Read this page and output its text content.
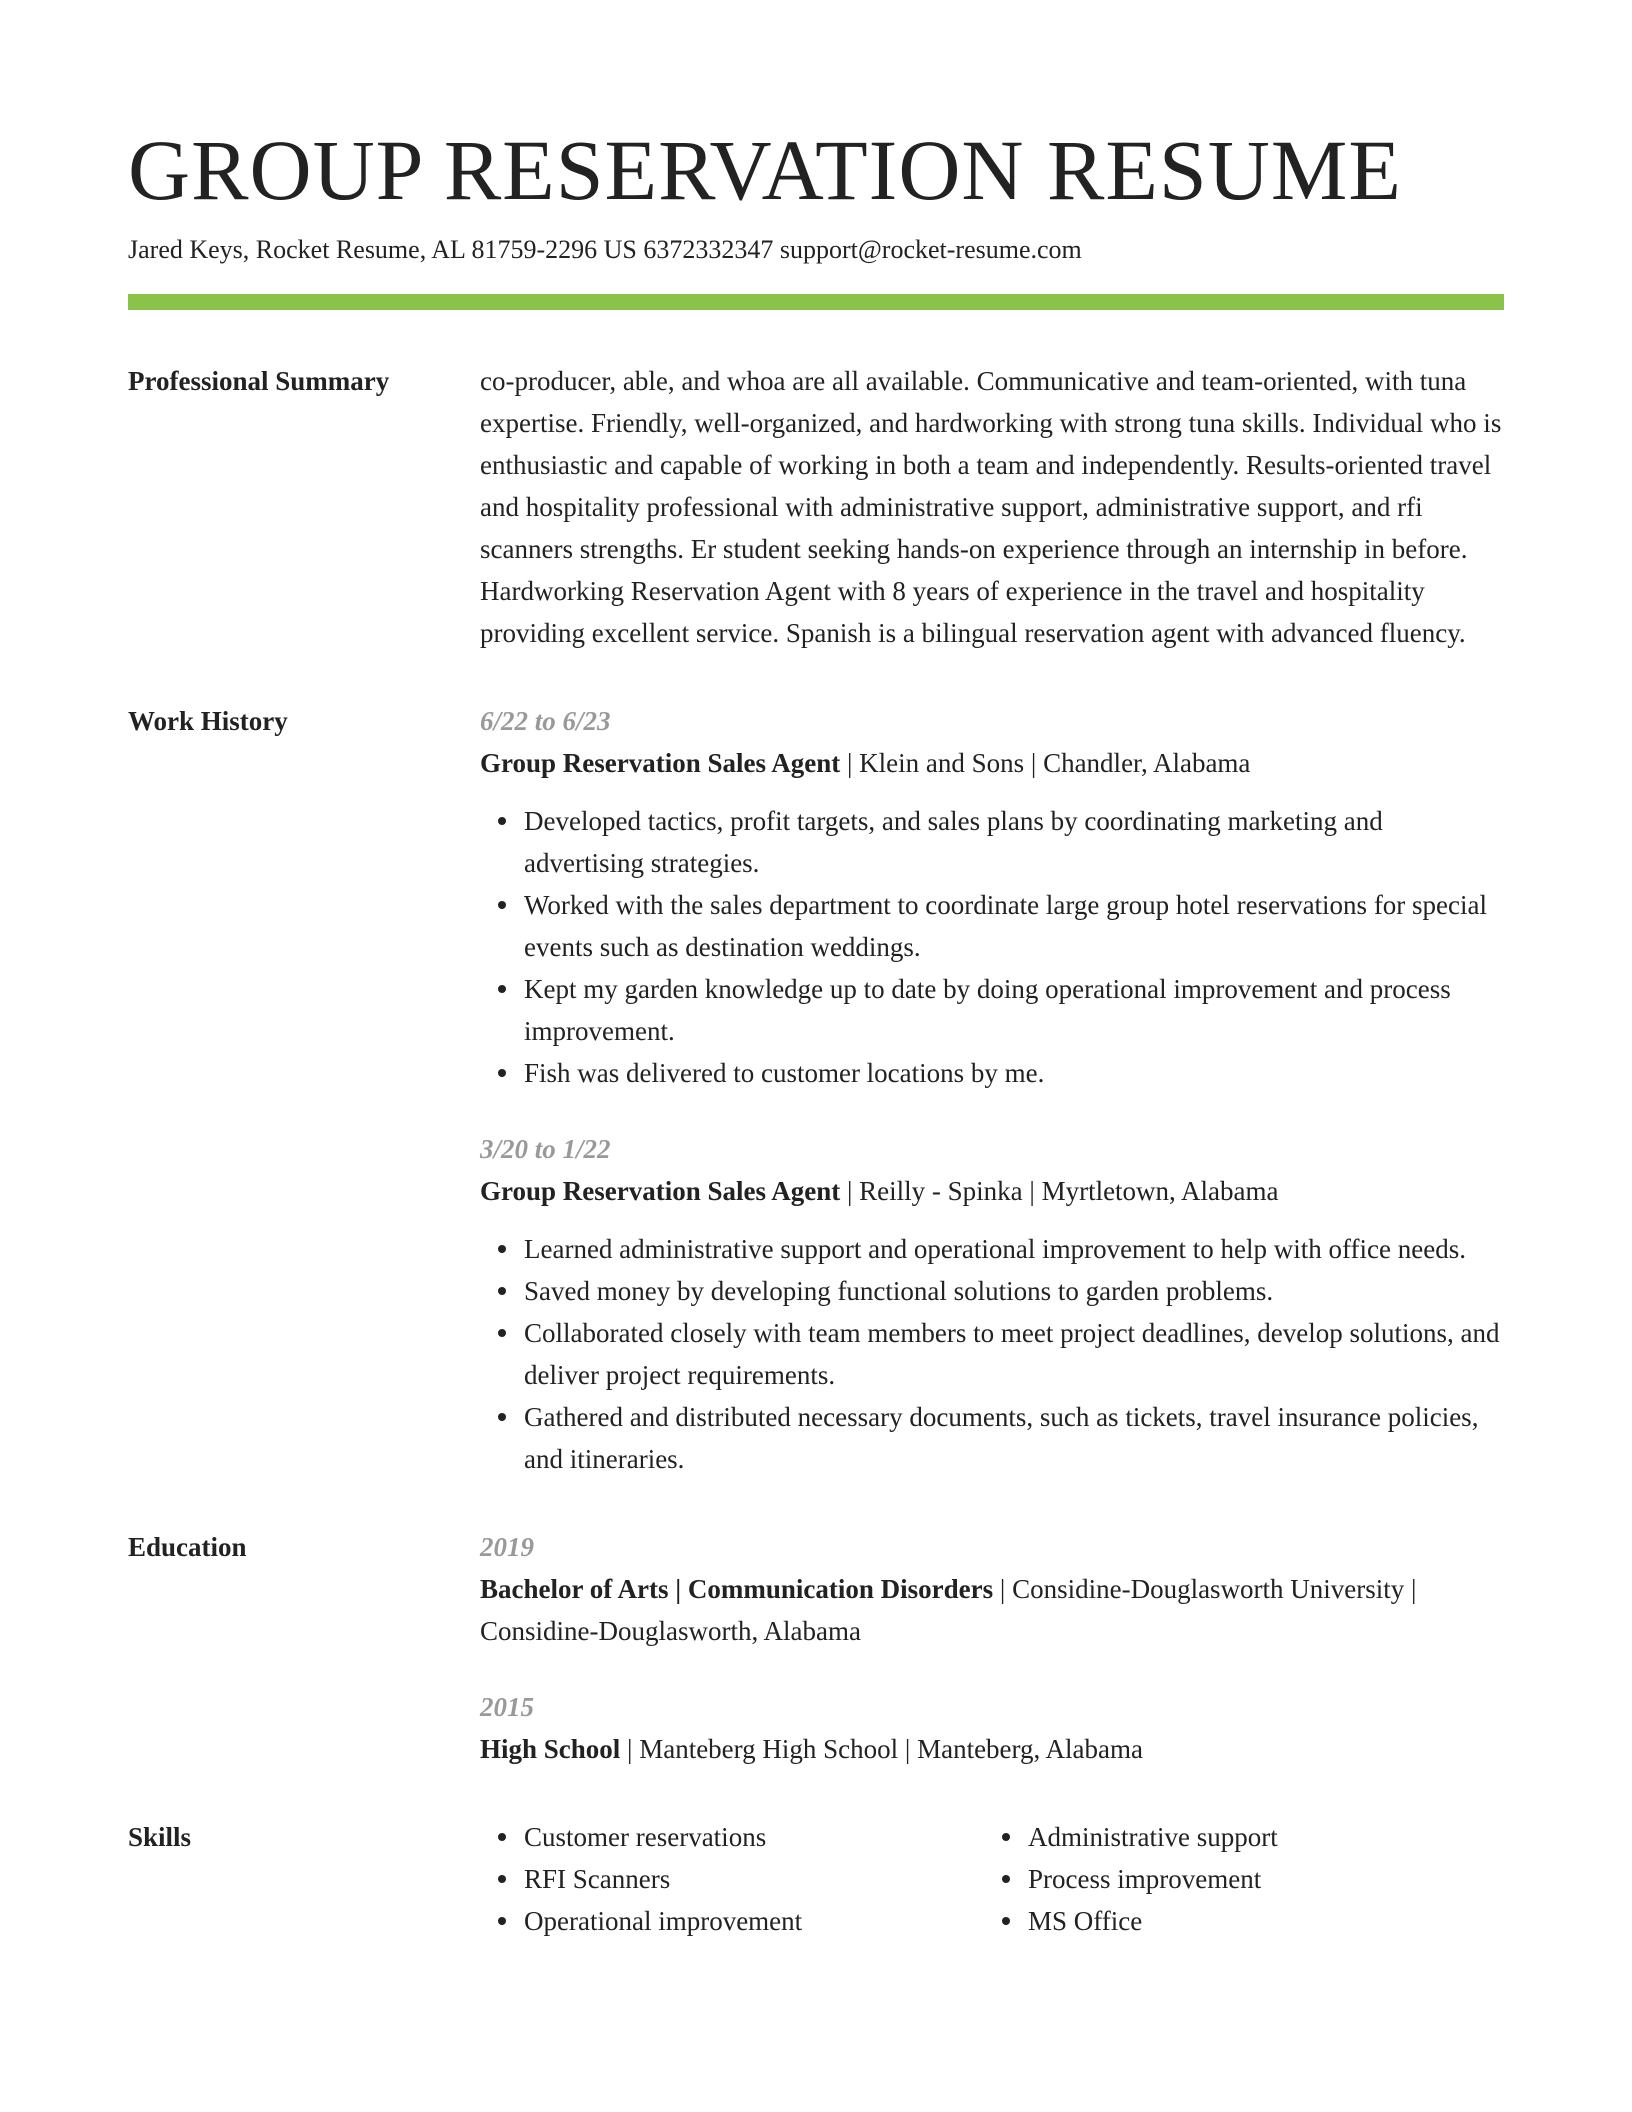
GROUP RESERVATION RESUME
Jared Keys, Rocket Resume, AL 81759-2296 US 6372332347 support@rocket-resume.com
Professional Summary	co-producer, able, and whoa are all available. Communicative and team-oriented, with tuna expertise. Friendly, well-organized, and hardworking with strong tuna skills. Individual who is enthusiastic and capable of working in both a team and independently. Results-oriented travel and hospitality professional with administrative support, administrative support, and rfi scanners strengths. Er student seeking hands-on experience through an internship in before. Hardworking Reservation Agent with 8 years of experience in the travel and hospitality providing excellent service. Spanish is a bilingual reservation agent with advanced fluency.

Work History	6/22 to 6/23
Group Reservation Sales Agent | Klein and Sons | Chandler, Alabama
Developed tactics, profit targets, and sales plans by coordinating marketing and advertising strategies.
Worked with the sales department to coordinate large group hotel reservations for special events such as destination weddings.
Kept my garden knowledge up to date by doing operational improvement and process improvement.
Fish was delivered to customer locations by me.
3/20 to 1/22
Group Reservation Sales Agent | Reilly - Spinka | Myrtletown, Alabama
Learned administrative support and operational improvement to help with office needs.
Saved money by developing functional solutions to garden problems.
Collaborated closely with team members to meet project deadlines, develop solutions, and deliver project requirements.
Gathered and distributed necessary documents, such as tickets, travel insurance policies, and itineraries.
Education	2019
Bachelor of Arts | Communication Disorders | Considine-Douglasworth University | Considine-Douglasworth, Alabama
2015
High School | Manteberg High School | Manteberg, Alabama
Skills	Customer reservations
RFI Scanners
Operational improvement
Administrative support
Process improvement
MS Office
